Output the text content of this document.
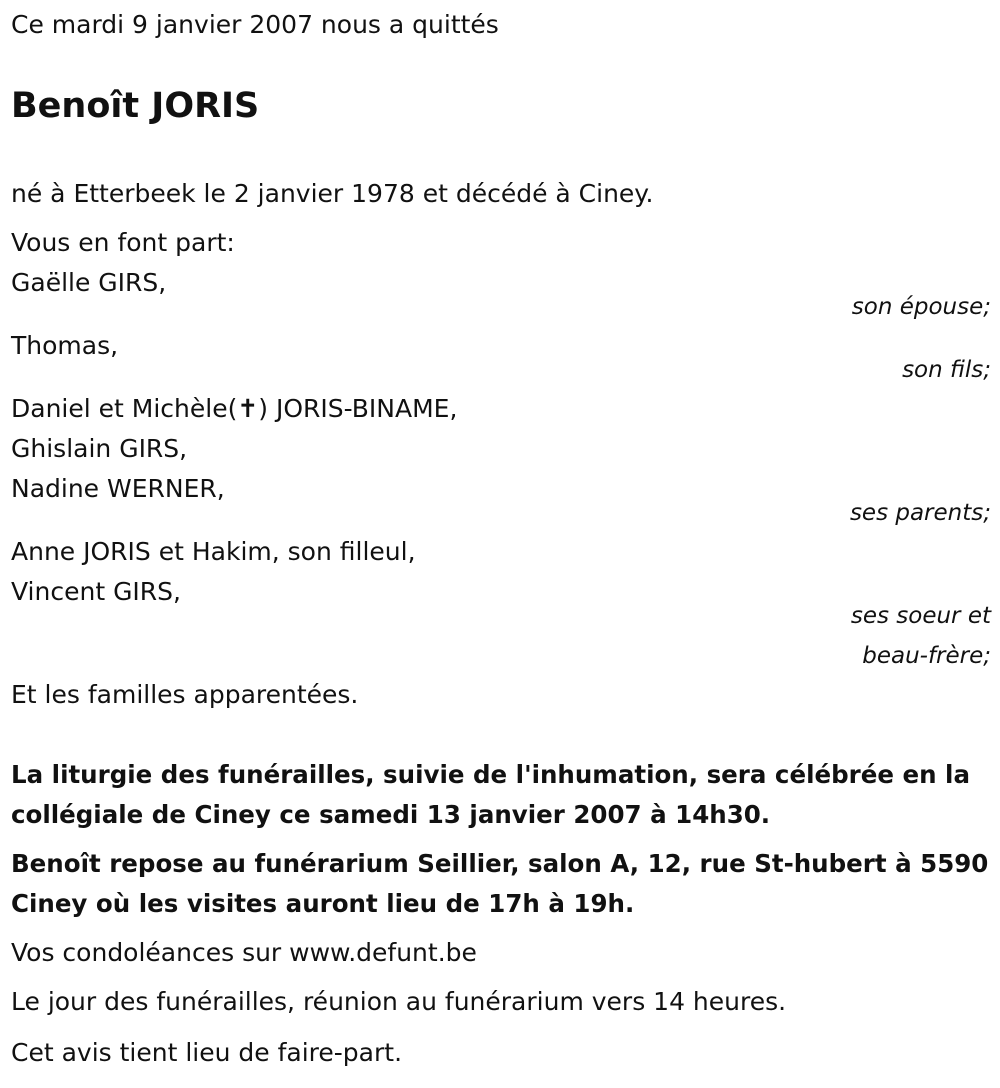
Ce mardi 9 janvier 2007 nous a quittés
Benoît JORIS
né à Etterbeek le 2 janvier 1978 et décédé à Ciney.
Vous en font part:
Gaëlle GIRS,
son épouse;
Thomas,
son fils;
Daniel et Michèle(✝) JORIS-BINAME,
Ghislain GIRS,
Nadine WERNER,
ses parents;
Anne JORIS et Hakim, son filleul,
Vincent GIRS,
ses soeur et
beau-frère;
Et les familles apparentées.
La liturgie des funérailles, suivie de l'inhumation, sera célébrée en la
collégiale de Ciney ce samedi 13 janvier 2007 à 14h30.
Benoît repose au funérarium Seillier, salon A, 12, rue St-hubert à 5590
Ciney où les visites auront lieu de 17h à 19h.
Vos condoléances sur www.defunt.be
Le jour des funérailles, réunion au funérarium vers 14 heures.
Cet avis tient lieu de faire-part.
